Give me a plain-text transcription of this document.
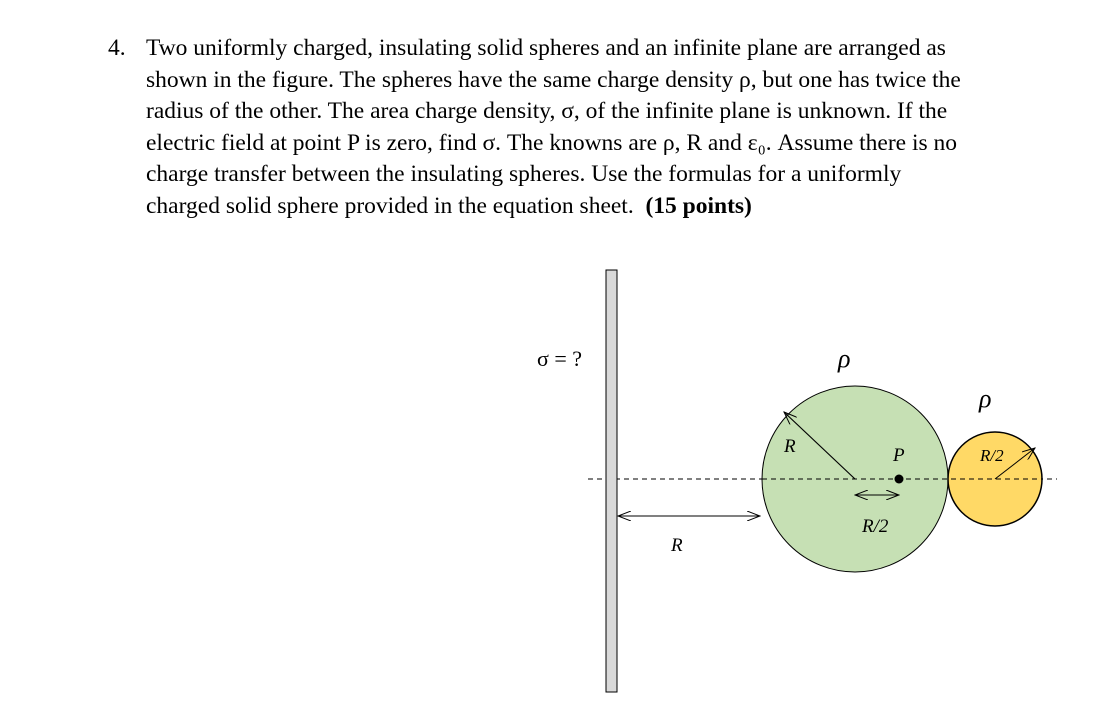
4. Two uniformly charged, insulating solid spheres and an infinite plane are arranged as
shown in the figure. The spheres have the same charge density ρ, but one has twice the
radius of the other. The area charge density, σ, of the infinite plane is unknown. If the
electric field at point P is zero, find σ. The knowns are ρ, R and ε₀. Assume there is no
charge transfer between the insulating spheres. Use the formulas for a uniformly
charged solid sphere provided in the equation sheet. (15 points)
σ = ?	ρ
ρ
R	P
R/2
R
R/2
